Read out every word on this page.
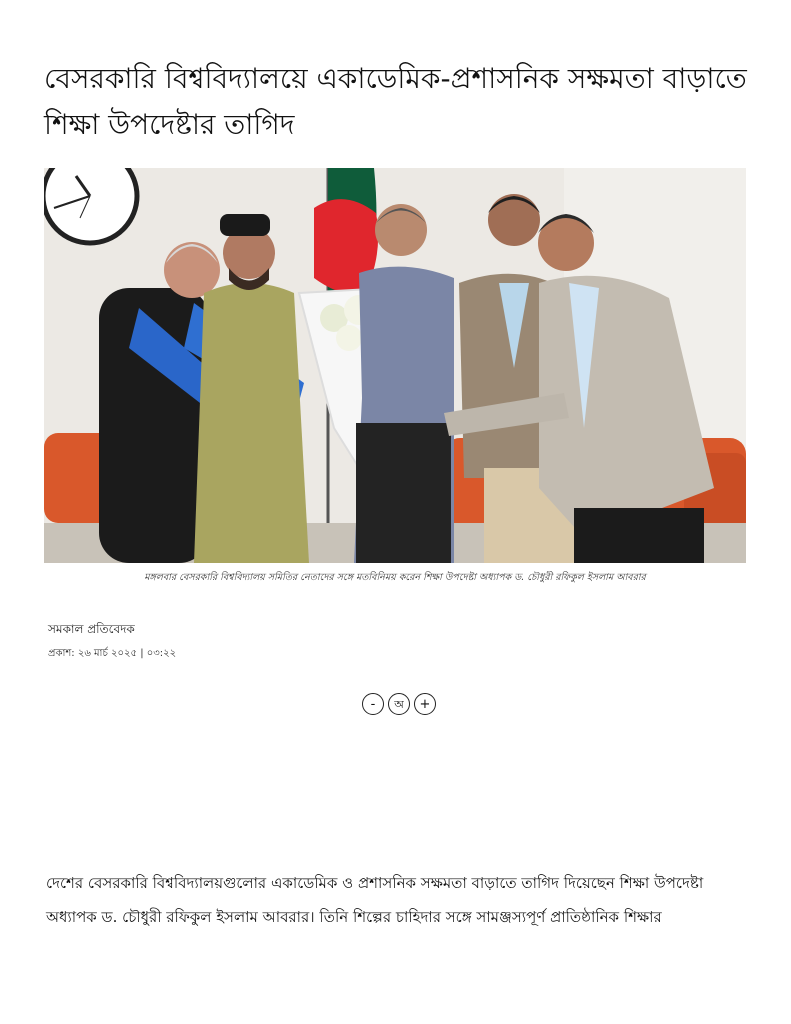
বেসরকারি বিশ্ববিদ্যালয়ে একাডেমিক-প্রশাসনিক সক্ষমতা বাড়াতে শিক্ষা উপদেষ্টার তাগিদ
মঙ্গলবার বেসরকারি বিশ্ববিদ্যালয় সমিতির নেতাদের সঙ্গে মতবিনিময় করেন শিক্ষা উপদেষ্টা অধ্যাপক ড. চৌধুরী রফিকুল ইসলাম আবরার
সমকাল প্রতিবেদক
প্রকাশ: ২৬ মার্চ ২০২৫ | ০৩:২২
-	অ	+

দেশের বেসরকারি বিশ্ববিদ্যালয়গুলোর একাডেমিক ও প্রশাসনিক সক্ষমতা বাড়াতে তাগিদ দিয়েছেন শিক্ষা উপদেষ্টা অধ্যাপক ড. চৌধুরী রফিকুল ইসলাম আবরার। তিনি শিল্পের চাহিদার সঙ্গে সামঞ্জস্যপূর্ণ প্রাতিষ্ঠানিক শিক্ষার
